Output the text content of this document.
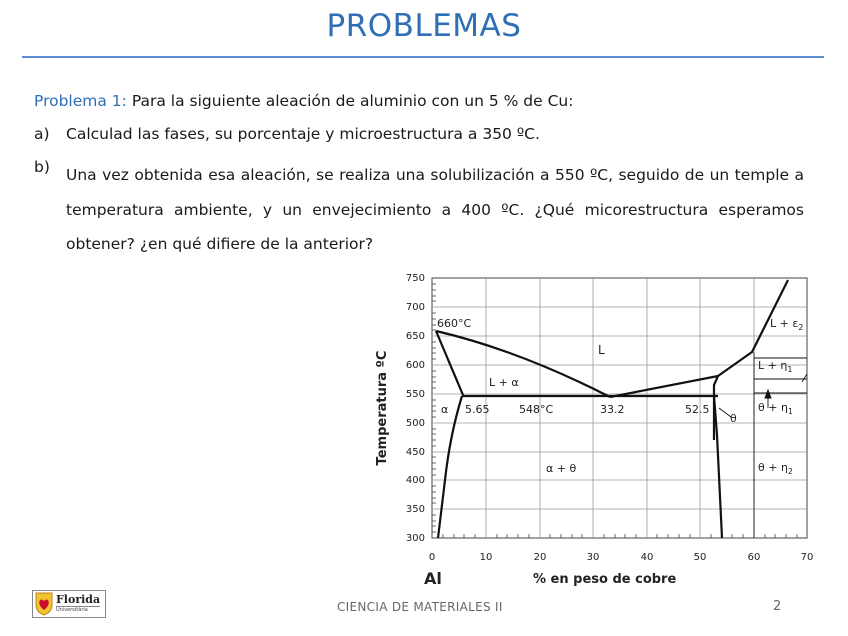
PROBLEMAS
Problema 1: Para la siguiente aleación de aluminio con un 5 % de Cu:
a) Calculad las fases, su porcentaje y microestructura a 350 ºC.
b)	Una vez obtenida esa aleación, se realiza una solubilización a 550 ºC, seguido de un temple a temperatura ambiente, y un envejecimiento a 400 ºC. ¿Qué micorestructura esperamos obtener? ¿en qué difiere de la anterior?
750
700
650
600
550
500
450
400
350
300
0	10	20	30	40	50	60	70
660°C
L
L + α
α 5.65	548°C	33.2	52.5
θ
α + θ
$L + \varepsilon_2$
$L + \eta_1$
$\theta + \eta_1$
$\theta + \eta_2$
Temperatura ºC
Al	% en peso de cobre
Florida
Universitària	CIENCIA DE MATERIALES II	2
